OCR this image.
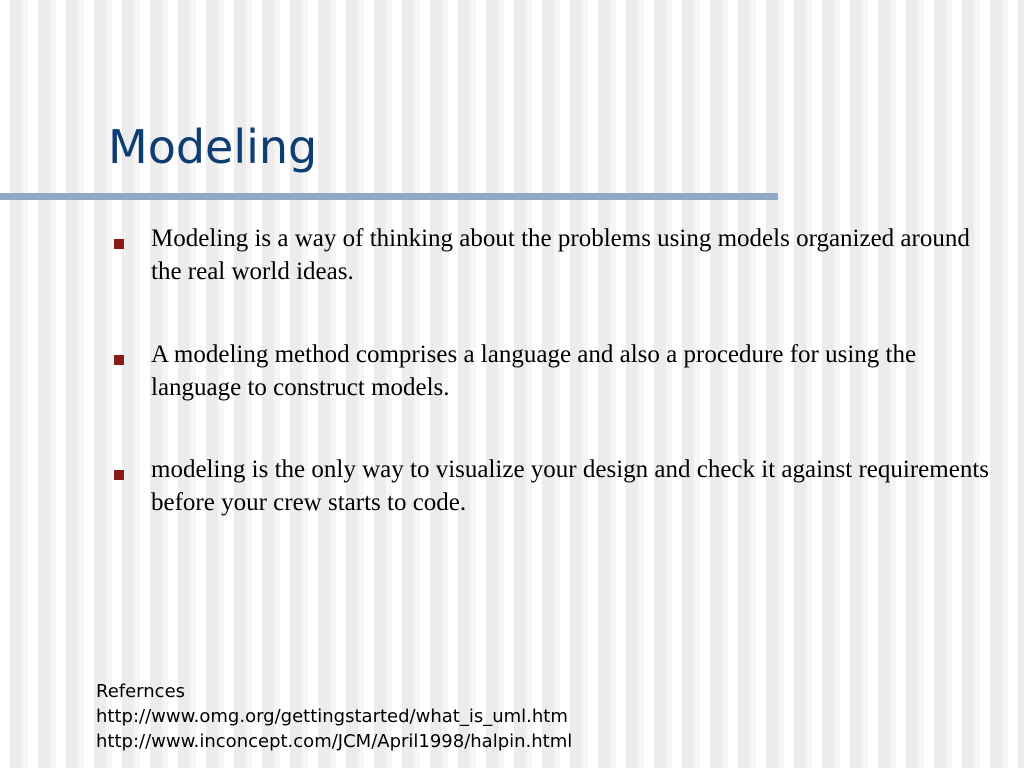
Modeling
Modeling is a way of thinking about the problems using models organized around the real world ideas.
A modeling method comprises a language and also a procedure for using the language to construct models.
modeling is the only way to visualize your design and check it against requirements before your crew starts to code.
Refernces
http://www.omg.org/gettingstarted/what_is_uml.htm
http://www.inconcept.com/JCM/April1998/halpin.html
